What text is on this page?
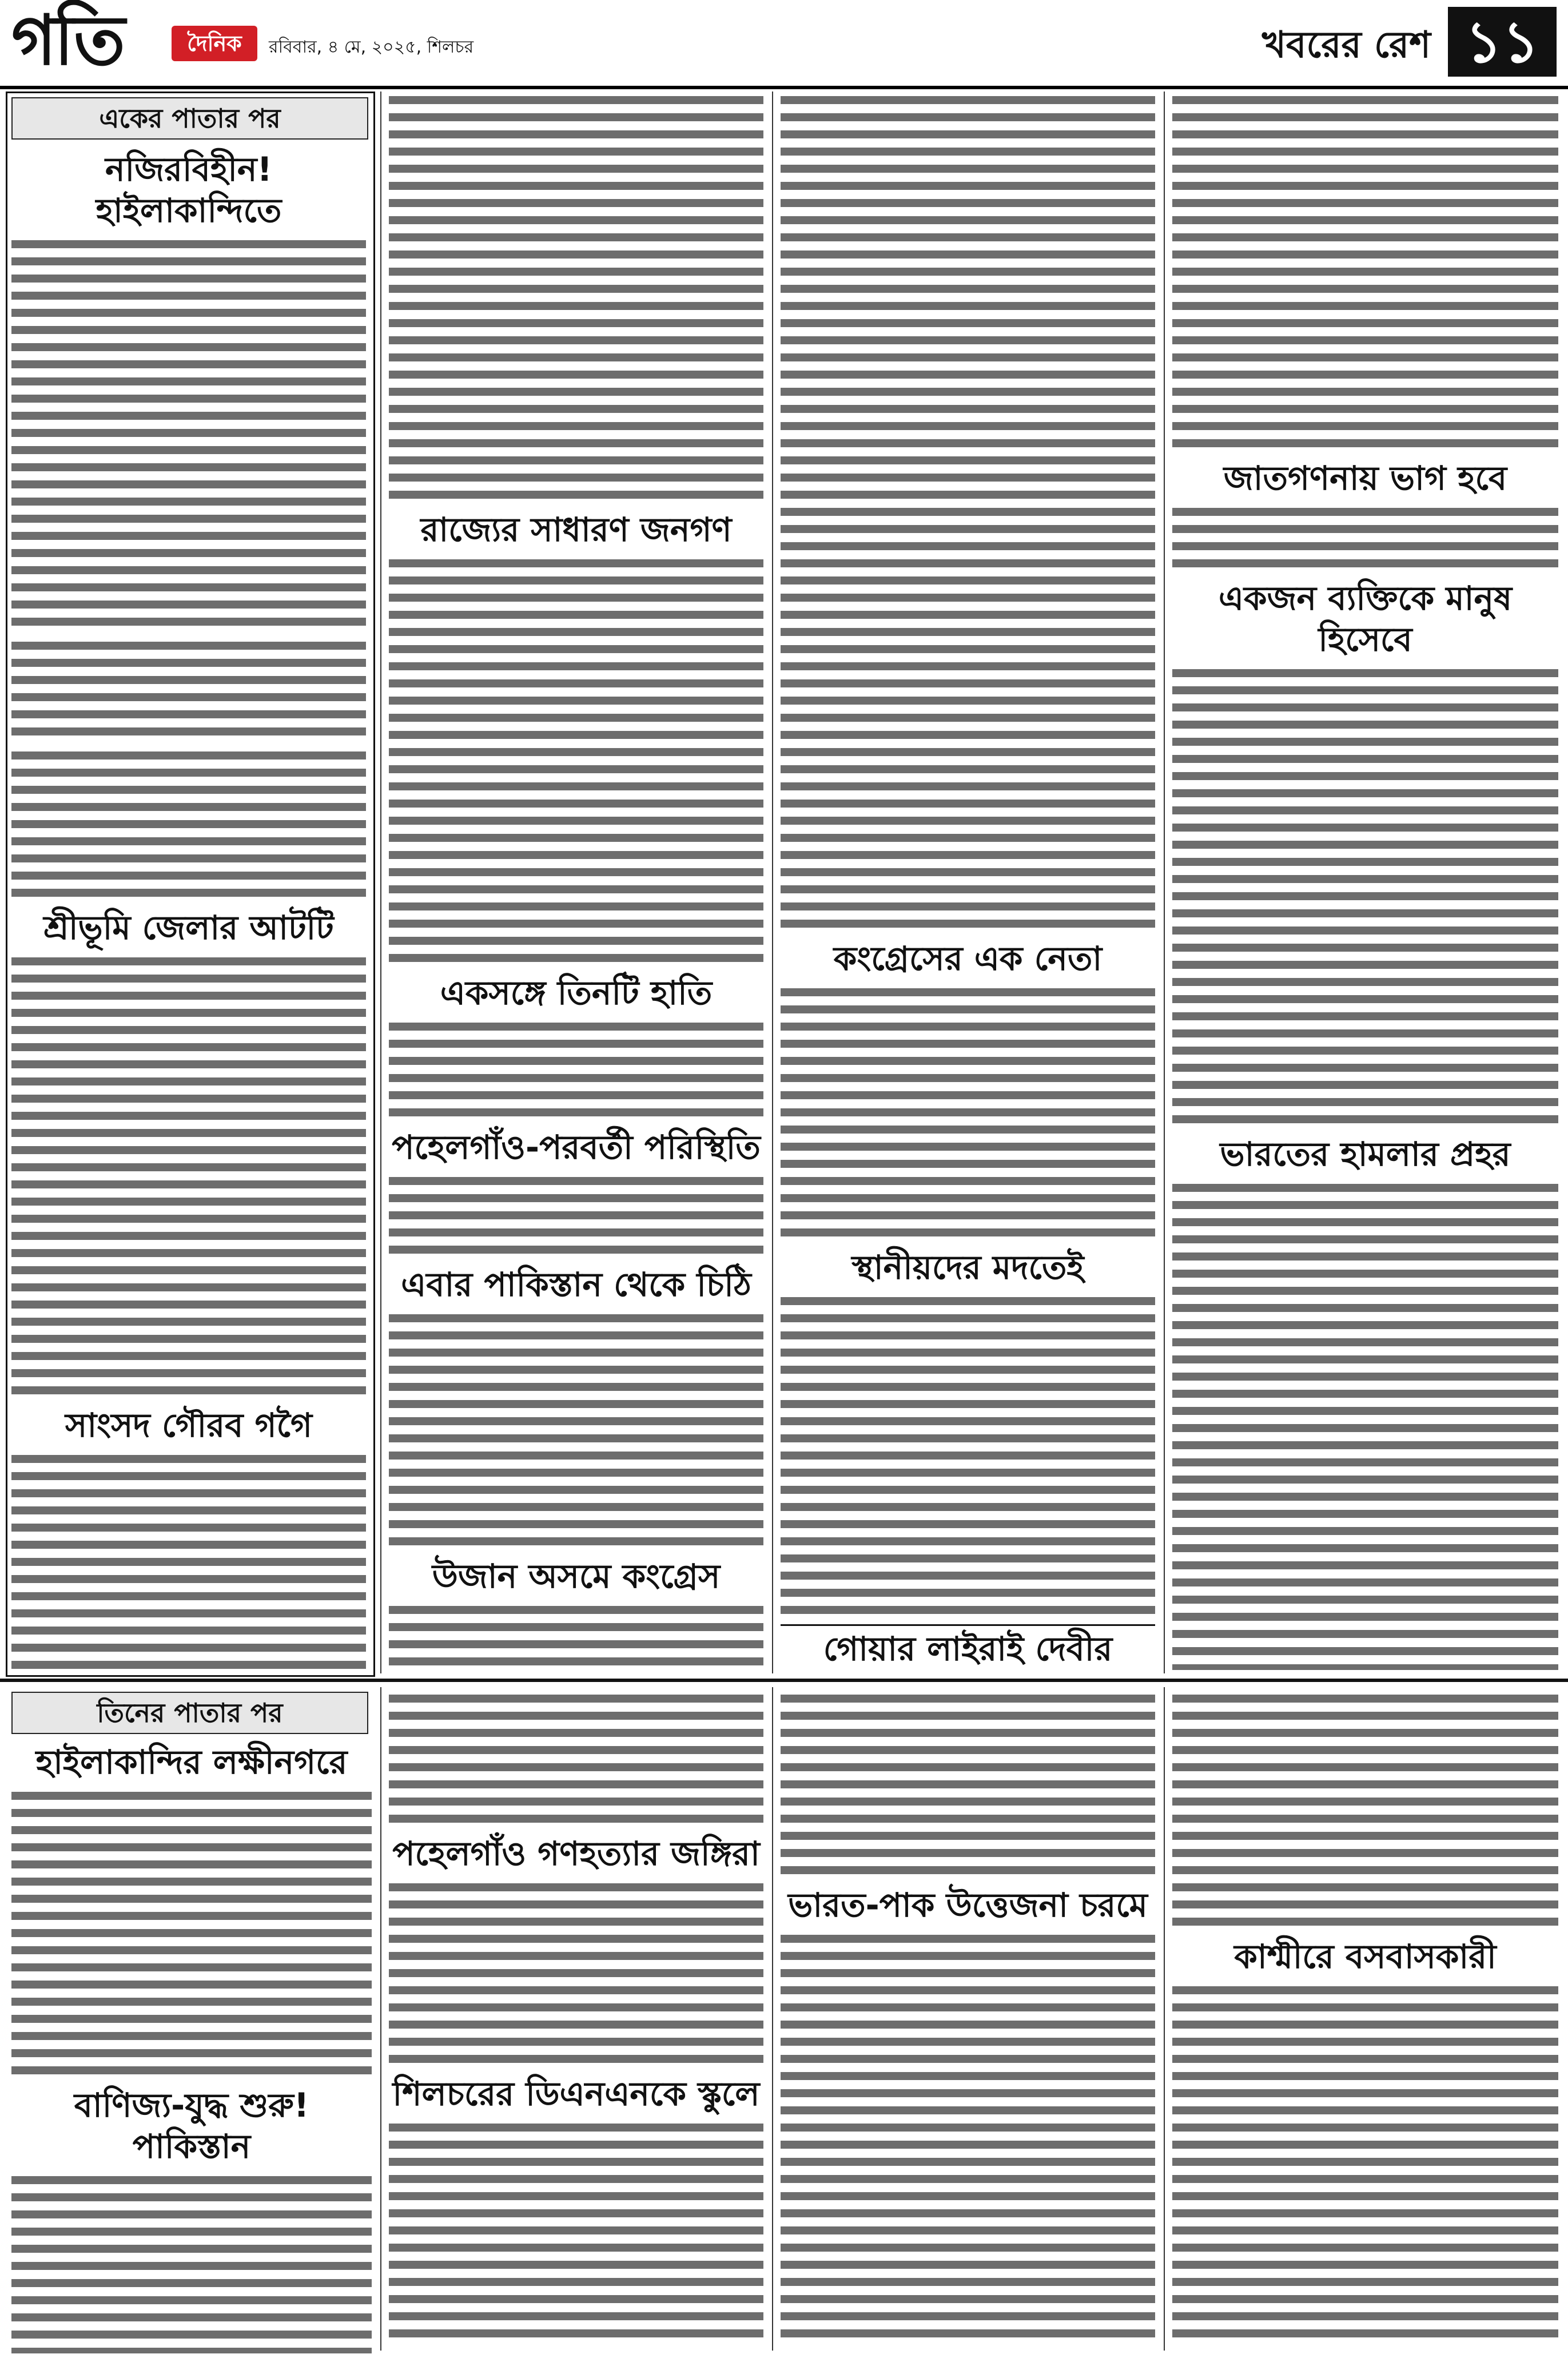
গতি	দৈনিক	রবিবার, ৪ মে, ২০২৫, শিলচর	খবরের রেশ ১১
একের পাতার পর
নজিরবিহীন! হাইলাকান্দিতে
শ্রীভূমি জেলার আটটি
সাংসদ গৌরব গগৈ
রাজ্যের সাধারণ জনগণ
একসঙ্গে তিনটি হাতি
পহেলগাঁও-পরবর্তী পরিস্থিতি
এবার পাকিস্তান থেকে চিঠি
উজান অসমে কংগ্রেস
কংগ্রেসের এক নেতা
স্থানীয়দের মদতেই
গোয়ার লাইরাই দেবীর
জাতগণনায় ভাগ হবে
একজন ব্যক্তিকে মানুষ হিসেবে
ভারতের হামলার প্রহর
তিনের পাতার পর
হাইলাকান্দির লক্ষীনগরে
বাণিজ্য-যুদ্ধ শুরু! পাকিস্তান
পহেলগাঁও গণহত্যার জঙ্গিরা
শিলচরের ডিএনএনকে স্কুলে
ভারত-পাক উত্তেজনা চরমে
কাশ্মীরে বসবাসকারী
